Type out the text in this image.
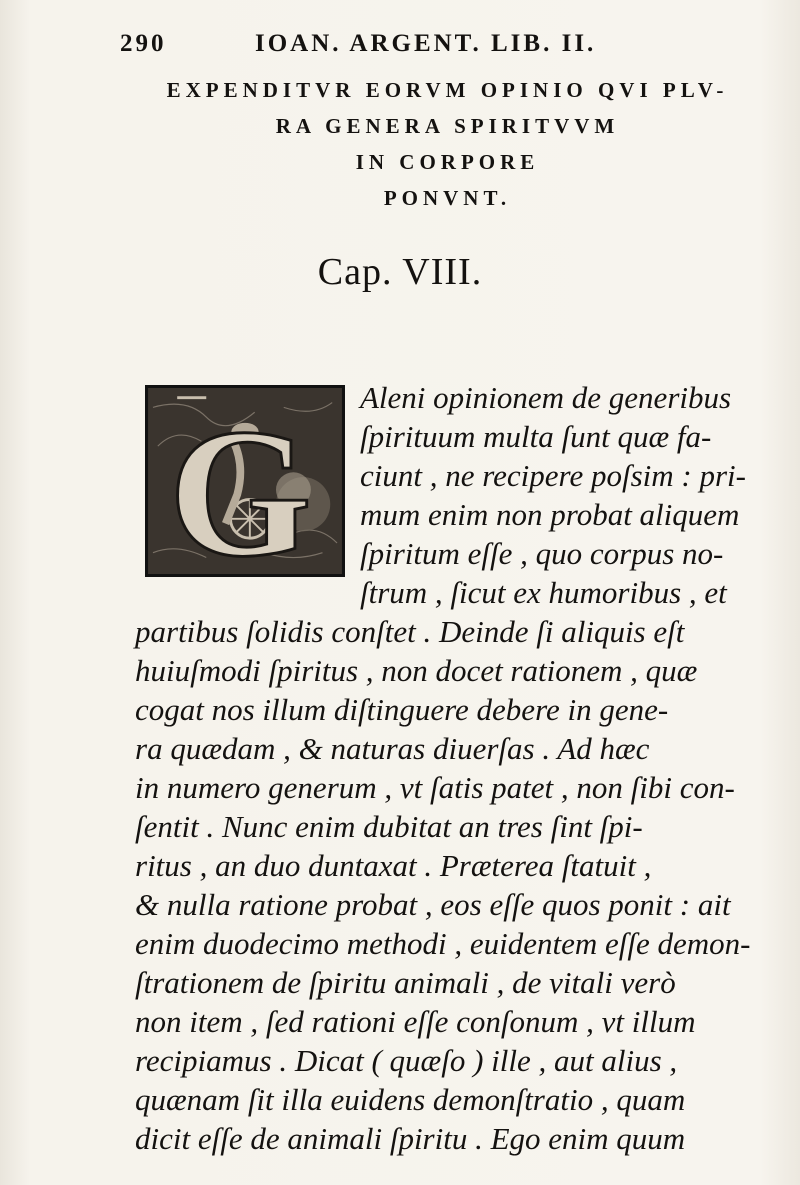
290	IOAN. ARGENT. LIB. II.
EXPENDITVR EORVM OPINIO QVI PLV-
RA GENERA SPIRITVVM
IN CORPORE
PONVNT.
Cap. VIII.
G Aleni opinionem de generibus
ſpirituum multa ſunt quæ fa-
ciunt , ne recipere poſsim : pri-
mum enim non probat aliquem
ſpiritum eſſe , quo corpus no-
ſtrum , ſicut ex humoribus , et
partibus ſolidis conſtet . Deinde ſi aliquis eſt
huiuſmodi ſpiritus , non docet rationem , quæ
cogat nos illum diſtinguere debere in gene-
ra quædam , & naturas diuerſas . Ad hæc
in numero generum , vt ſatis patet , non ſibi con-
ſentit . Nunc enim dubitat an tres ſint ſpi-
ritus , an duo duntaxat . Præterea ſtatuit ,
& nulla ratione probat , eos eſſe quos ponit : ait
enim duodecimo methodi , euidentem eſſe demon-
ſtrationem de ſpiritu animali , de vitali verò
non item , ſed rationi eſſe conſonum , vt illum
recipiamus . Dicat ( quæſo ) ille , aut alius ,
quænam ſit illa euidens demonſtratio , quam
dicit eſſe de animali ſpiritu . Ego enim quum
